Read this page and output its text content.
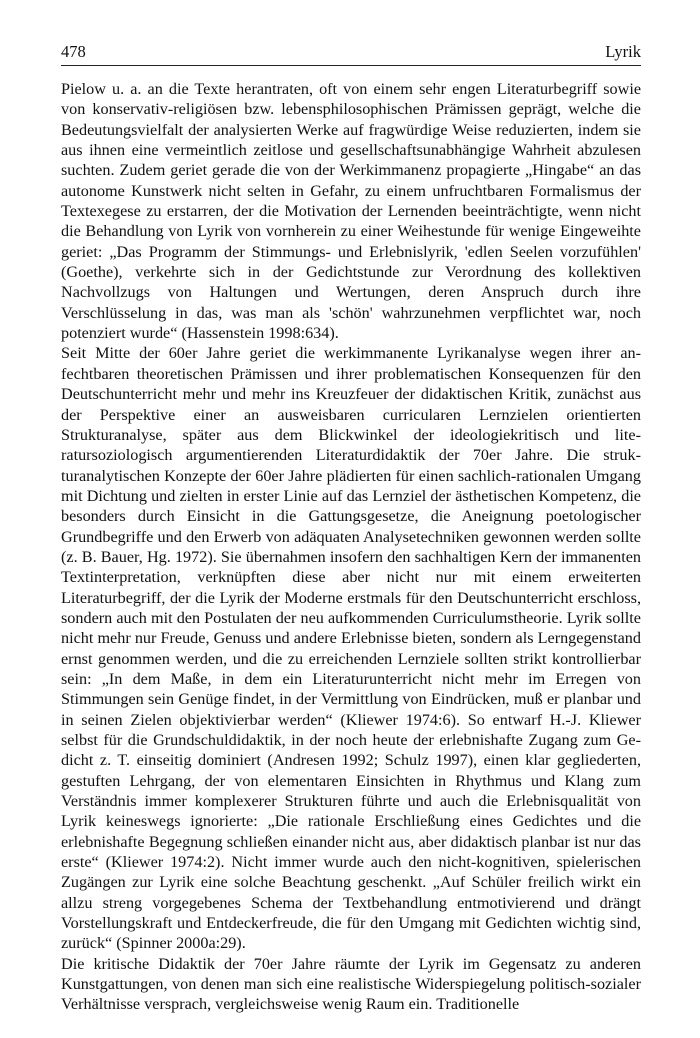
478	Lyrik

Pielow u. a. an die Texte herantraten, oft von einem sehr engen Literaturbegriff sowie von konservativ-religiösen bzw. lebensphilosophischen Prämissen geprägt, welche die Bedeutungsvielfalt der analysierten Werke auf fragwürdige Weise reduzierten, indem sie aus ihnen eine vermeintlich zeitlose und gesellschaftsunabhängige Wahrheit abzulesen suchten. Zudem geriet gerade die von der Werkimmanenz propagierte „Hingabe“ an das autonome Kunstwerk nicht selten in Gefahr, zu einem unfruchtbaren Formalismus der Textexegese zu erstarren, der die Motivation der Lernenden beeinträchtigte, wenn nicht die Behandlung von Lyrik von vornherein zu einer Weihestunde für wenige Eingeweihte geriet: „Das Programm der Stimmungs- und Erlebnislyrik, 'edlen Seelen vorzufühlen' (Goethe), verkehrte sich in der Gedichtstunde zur Verordnung des kollektiven Nachvollzugs von Haltungen und Wertungen, deren Anspruch durch ihre Verschlüsselung in das, was man als 'schön' wahrzunehmen verpflichtet war, noch potenziert wurde“ (Hassenstein 1998:634).

Seit Mitte der 60er Jahre geriet die werkimmanente Lyrikanalyse wegen ihrer anfechtbaren theoretischen Prämissen und ihrer problematischen Konsequenzen für den Deutschunterricht mehr und mehr ins Kreuzfeuer der didaktischen Kritik, zunächst aus der Perspektive einer an ausweisbaren curricularen Lernzielen orientierten Strukturanalyse, später aus dem Blickwinkel der ideologiekritisch und literatursoziologisch argumentierenden Literaturdidaktik der 70er Jahre. Die strukturanalytischen Konzepte der 60er Jahre plädierten für einen sachlich-rationalen Umgang mit Dichtung und zielten in erster Linie auf das Lernziel der ästhetischen Kompetenz, die besonders durch Einsicht in die Gattungsgesetze, die Aneignung poetologischer Grundbegriffe und den Erwerb von adäquaten Analysetechniken gewonnen werden sollte (z. B. Bauer, Hg. 1972). Sie übernahmen insofern den sachhaltigen Kern der immanenten Textinterpretation, verknüpften diese aber nicht nur mit einem erweiterten Literaturbegriff, der die Lyrik der Moderne erstmals für den Deutschunterricht erschloss, sondern auch mit den Postulaten der neu aufkommenden Curriculumstheorie. Lyrik sollte nicht mehr nur Freude, Genuss und andere Erlebnisse bieten, sondern als Lerngegenstand ernst genommen werden, und die zu erreichenden Lernziele sollten strikt kontrollierbar sein: „In dem Maße, in dem ein Literaturunterricht nicht mehr im Erregen von Stimmungen sein Genüge findet, in der Vermittlung von Eindrücken, muß er planbar und in seinen Zielen objektivierbar werden“ (Kliewer 1974:6). So entwarf H.-J. Kliewer selbst für die Grundschuldidaktik, in der noch heute der erlebnishafte Zugang zum Gedicht z. T. einseitig dominiert (Andresen 1992; Schulz 1997), einen klar gegliederten, gestuften Lehrgang, der von elementaren Einsichten in Rhythmus und Klang zum Verständnis immer komplexerer Strukturen führte und auch die Erlebnisqualität von Lyrik keineswegs ignorierte: „Die rationale Erschließung eines Gedichtes und die erlebnishafte Begegnung schließen einander nicht aus, aber didaktisch planbar ist nur das erste“ (Kliewer 1974:2). Nicht immer wurde auch den nicht-kognitiven, spielerischen Zugängen zur Lyrik eine solche Beachtung geschenkt. „Auf Schüler freilich wirkt ein allzu streng vorgegebenes Schema der Textbehandlung entmotivierend und drängt Vorstellungskraft und Entdeckerfreude, die für den Umgang mit Gedichten wichtig sind, zurück“ (Spinner 2000a:29).

Die kritische Didaktik der 70er Jahre räumte der Lyrik im Gegensatz zu anderen Kunstgattungen, von denen man sich eine realistische Widerspiegelung politisch-sozialer Verhältnisse versprach, vergleichsweise wenig Raum ein. Traditionelle
